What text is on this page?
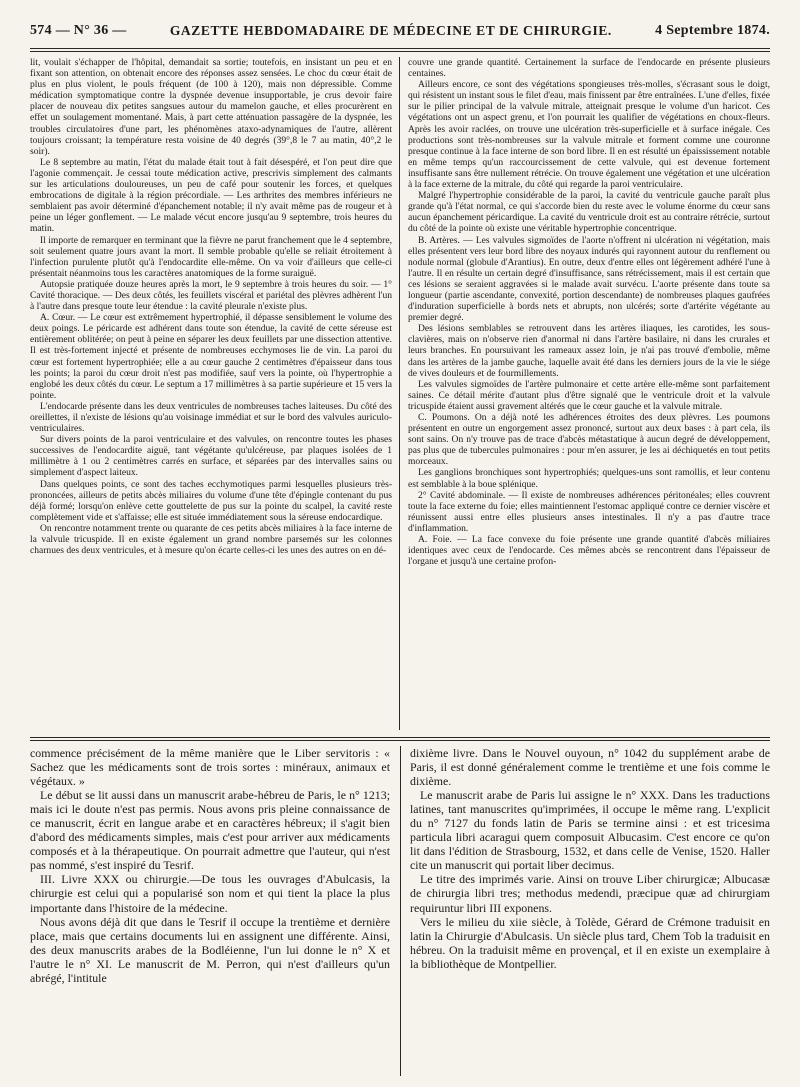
574 — N° 36 —	GAZETTE HEBDOMADAIRE DE MÉDECINE ET DE CHIRURGIE.	4 Septembre 1874.

lit, voulait s'échapper de l'hôpital, demandait sa sortie; toutefois, en insistant un peu et en fixant son attention, on obtenait encore des réponses assez sensées. Le choc du cœur était de plus en plus violent, le pouls fréquent (de 100 à 120), mais non dépressible. Comme médication symptomatique contre la dyspnée devenue insupportable, je crus devoir faire placer de nouveau dix petites sangsues autour du mamelon gauche, et elles procurèrent en effet un soulagement momentané. Mais, à part cette atténuation passagère de la dyspnée, les troubles circulatoires d'une part, les phénomènes ataxo-adynamiques de l'autre, allèrent toujours croissant; la température resta voisine de 40 degrés (39°,8 le 7 au matin, 40°,2 le soir).

Le 8 septembre au matin, l'état du malade était tout à fait désespéré, et l'on peut dire que l'agonie commençait. Je cessai toute médication active, prescrivis simplement des calmants sur les articulations douloureuses, un peu de café pour soutenir les forces, et quelques embrocations de digitale à la région précordiale. — Les arthrites des membres inférieurs ne semblaient pas avoir déterminé d'épanchement notable; il n'y avait même pas de rougeur et à peine un léger gonflement. — Le malade vécut encore jusqu'au 9 septembre, trois heures du matin.

Il importe de remarquer en terminant que la fièvre ne parut franchement que le 4 septembre, soit seulement quatre jours avant la mort. Il semble probable qu'elle se reliait étroitement à l'infection purulente plutôt qu'à l'endocardite elle-même. On va voir d'ailleurs que celle-ci présentait néanmoins tous les caractères anatomiques de la forme suraiguë.

Autopsie pratiquée douze heures après la mort, le 9 septembre à trois heures du soir. — 1° Cavité thoracique. — Des deux côtés, les feuillets viscéral et pariétal des plèvres adhèrent l'un à l'autre dans presque toute leur étendue : la cavité pleurale n'existe plus.

A. Cœur. — Le cœur est extrêmement hypertrophié, il dépasse sensiblement le volume des deux poings. Le péricarde est adhérent dans toute son étendue, la cavité de cette séreuse est entièrement oblitérée; on peut à peine en séparer les deux feuillets par une dissection attentive. Il est très-fortement injecté et présente de nombreuses ecchymoses lie de vin. La paroi du cœur est fortement hypertrophiée; elle a au cœur gauche 2 centimètres d'épaisseur dans tous les points; la paroi du cœur droit n'est pas modifiée, sauf vers la pointe, où l'hypertrophie a englobé les deux côtés du cœur. Le septum a 17 millimètres à sa partie supérieure et 15 vers la pointe.

L'endocarde présente dans les deux ventricules de nombreuses taches laiteuses. Du côté des oreillettes, il n'existe de lésions qu'au voisinage immédiat et sur le bord des valvules auriculo-ventriculaires.

Sur divers points de la paroi ventriculaire et des valvules, on rencontre toutes les phases successives de l'endocardite aiguë, tant végétante qu'ulcéreuse, par plaques isolées de 1 millimètre à 1 ou 2 centimètres carrés en surface, et séparées par des intervalles sains ou simplement d'aspect laiteux.

Dans quelques points, ce sont des taches ecchymotiques parmi lesquelles plusieurs très-prononcées, ailleurs de petits abcès miliaires du volume d'une tête d'épingle contenant du pus déjà formé; lorsqu'on enlève cette gouttelette de pus sur la pointe du scalpel, la cavité reste complètement vide et s'affaisse; elle est située immédiatement sous la séreuse endocardique.

On rencontre notamment trente ou quarante de ces petits abcès miliaires à la face interne de la valvule tricuspide. Il en existe également un grand nombre parsemés sur les colonnes charnues des deux ventricules, et à mesure qu'on écarte celles-ci les unes des autres on en dé-

couvre une grande quantité. Certainement la surface de l'endocarde en présente plusieurs centaines.

Ailleurs encore, ce sont des végétations spongieuses très-molles, s'écrasant sous le doigt, qui résistent un instant sous le filet d'eau, mais finissent par être entraînées. L'une d'elles, fixée sur le pilier principal de la valvule mitrale, atteignait presque le volume d'un haricot. Ces végétations ont un aspect grenu, et l'on pourrait les qualifier de végétations en choux-fleurs. Après les avoir raclées, on trouve une ulcération très-superficielle et à surface inégale. Ces productions sont très-nombreuses sur la valvule mitrale et forment comme une couronne presque continue à la face interne de son bord libre. Il en est résulté un épaississement notable en même temps qu'un raccourcissement de cette valvule, qui est devenue fortement insuffisante sans être nullement rétrécie. On trouve également une végétation et une ulcération à la face externe de la mitrale, du côté qui regarde la paroi ventriculaire.

Malgré l'hypertrophie considérable de la paroi, la cavité du ventricule gauche paraît plus grande qu'à l'état normal, ce qui s'accorde bien du reste avec le volume énorme du cœur sans aucun épanchement péricardique. La cavité du ventricule droit est au contraire rétrécie, surtout du côté de la pointe où existe une véritable hypertrophie concentrique.

B. Artères. — Les valvules sigmoïdes de l'aorte n'offrent ni ulcération ni végétation, mais elles présentent vers leur bord libre des noyaux indurés qui rayonnent autour du renflement ou nodule normal (globule d'Arantius). En outre, deux d'entre elles ont légèrement adhéré l'une à l'autre. Il en résulte un certain degré d'insuffisance, sans rétrécissement, mais il est certain que ces lésions se seraient aggravées si le malade avait survécu. L'aorte présente dans toute sa longueur (partie ascendante, convexité, portion descendante) de nombreuses plaques gaufrées d'induration superficielle à bords nets et abrupts, non ulcérés; sorte d'artérite végétante au premier degré.

Des lésions semblables se retrouvent dans les artères iliaques, les carotides, les sous-clavières, mais on n'observe rien d'anormal ni dans l'artère basilaire, ni dans les crurales et leurs branches. En poursuivant les rameaux assez loin, je n'ai pas trouvé d'embolie, même dans les artères de la jambe gauche, laquelle avait été dans les derniers jours de la vie le siége de vives douleurs et de fourmillements.

Les valvules sigmoïdes de l'artère pulmonaire et cette artère elle-même sont parfaitement saines. Ce détail mérite d'autant plus d'être signalé que le ventricule droit et la valvule tricuspide étaient aussi gravement altérés que le cœur gauche et la valvule mitrale.

C. Poumons. On a déjà noté les adhérences étroites des deux plèvres. Les poumons présentent en outre un engorgement assez prononcé, surtout aux deux bases : à part cela, ils sont sains. On n'y trouve pas de trace d'abcès métastatique à aucun degré de développement, pas plus que de tubercules pulmonaires : pour m'en assurer, je les ai déchiquetés en tout petits morceaux.

Les ganglions bronchiques sont hypertrophiés; quelques-uns sont ramollis, et leur contenu est semblable à la boue splénique.

2° Cavité abdominale. — Il existe de nombreuses adhérences péritonéales; elles couvrent toute la face externe du foie; elles maintiennent l'estomac appliqué contre ce dernier viscère et réunissent aussi entre elles plusieurs anses intestinales. Il n'y a pas d'autre trace d'inflammation.

A. Foie. — La face convexe du foie présente une grande quantité d'abcès miliaires identiques avec ceux de l'endocarde. Ces mêmes abcès se rencontrent dans l'épaisseur de l'organe et jusqu'à une certaine profon-

commence précisément de la même manière que le Liber servitoris : « Sachez que les médicaments sont de trois sortes : minéraux, animaux et végétaux. »

Le début se lit aussi dans un manuscrit arabe-hébreu de Paris, le n° 1213; mais ici le doute n'est pas permis. Nous avons pris pleine connaissance de ce manuscrit, écrit en langue arabe et en caractères hébreux; il s'agit bien d'abord des médicaments simples, mais c'est pour arriver aux médicaments composés et à la thérapeutique. On pourrait admettre que l'auteur, qui n'est pas nommé, s'est inspiré du Tesrif.

III. Livre XXX ou chirurgie.—De tous les ouvrages d'Abulcasis, la chirurgie est celui qui a popularisé son nom et qui tient la place la plus importante dans l'histoire de la médecine.

Nous avons déjà dit que dans le Tesrif il occupe la trentième et dernière place, mais que certains documents lui en assignent une différente. Ainsi, des deux manuscrits arabes de la Bodléienne, l'un lui donne le n° X et l'autre le n° XI. Le manuscrit de M. Perron, qui n'est d'ailleurs qu'un abrégé, l'intitule

dixième livre. Dans le Nouvel ouyoun, n° 1042 du supplément arabe de Paris, il est donné généralement comme le trentième et une fois comme le dixième.

Le manuscrit arabe de Paris lui assigne le n° XXX. Dans les traductions latines, tant manuscrites qu'imprimées, il occupe le même rang. L'explicit du n° 7127 du fonds latin de Paris se termine ainsi : et est tricesima particula libri acaragui quem composuit Albucasim. C'est encore ce qu'on lit dans l'édition de Strasbourg, 1532, et dans celle de Venise, 1520. Haller cite un manuscrit qui portait liber decimus.

Le titre des imprimés varie. Ainsi on trouve Liber chirurgicæ; Albucasæ de chirurgia libri tres; methodus medendi, præcipue quæ ad chirurgiam requiruntur libri III exponens.

Vers le milieu du xiie siècle, à Tolède, Gérard de Crémone traduisit en latin la Chirurgie d'Abulcasis. Un siècle plus tard, Chem Tob la traduisit en hébreu. On la traduisit même en provençal, et il en existe un exemplaire à la bibliothèque de Montpellier.
